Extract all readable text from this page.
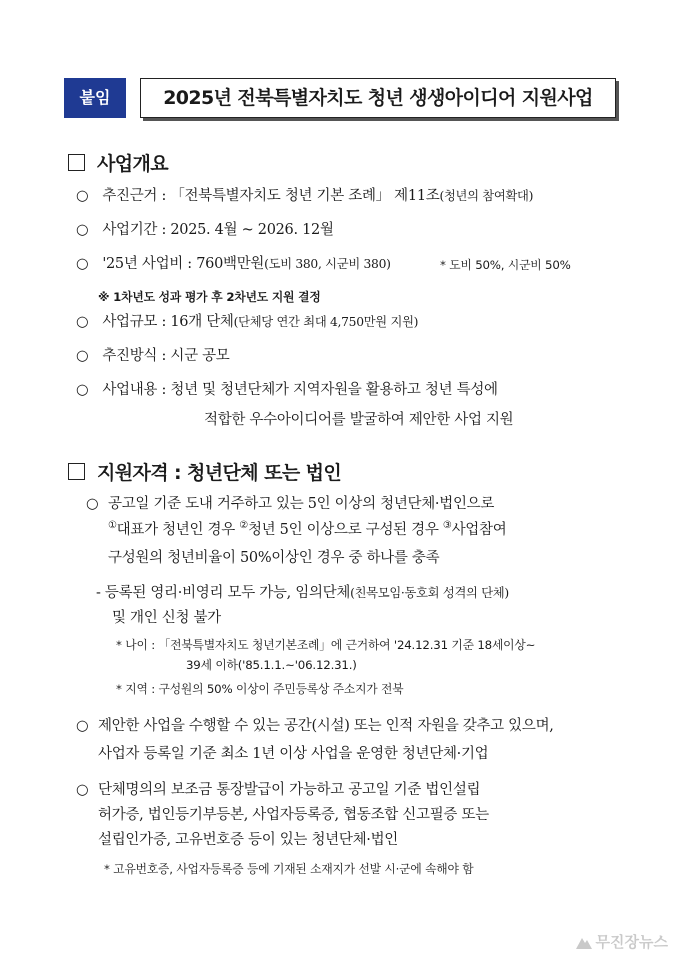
붙임	2025년 전북특별자치도 청년 생생아이디어 지원사업
사업개요
○ 추진근거 : 「전북특별자치도 청년 기본 조례」 제11조(청년의 참여확대)
○ 사업기간 : 2025. 4월 ~ 2026. 12월
○ '25년 사업비 : 760백만원(도비 380, 시군비 380)	* 도비 50%, 시군비 50%
※ 1차년도 성과 평가 후 2차년도 지원 결정
○ 사업규모 : 16개 단체(단체당 연간 최대 4,750만원 지원)
○ 추진방식 : 시군 공모
○ 사업내용 : 청년 및 청년단체가 지역자원을 활용하고 청년 특성에
적합한 우수아이디어를 발굴하여 제안한 사업 지원
지원자격 : 청년단체 또는 법인
○ 공고일 기준 도내 거주하고 있는 5인 이상의 청년단체·법인으로
①대표가 청년인 경우 ②청년 5인 이상으로 구성된 경우 ③사업참여
구성원의 청년비율이 50%이상인 경우 중 하나를 충족
- 등록된 영리·비영리 모두 가능, 임의단체(친목모임·동호회 성격의 단체)
및 개인 신청 불가
* 나이 : 「전북특별자치도 청년기본조례」에 근거하여 '24.12.31 기준 18세이상~
39세 이하('85.1.1.~'06.12.31.)
* 지역 : 구성원의 50% 이상이 주민등록상 주소지가 전북
○ 제안한 사업을 수행할 수 있는 공간(시설) 또는 인적 자원을 갖추고 있으며,
사업자 등록일 기준 최소 1년 이상 사업을 운영한 청년단체·기업
○ 단체명의의 보조금 통장발급이 가능하고 공고일 기준 법인설립
허가증, 법인등기부등본, 사업자등록증, 협동조합 신고필증 또는
설립인가증, 고유번호증 등이 있는 청년단체·법인
* 고유번호증, 사업자등록증 등에 기재된 소재지가 선발 시·군에 속해야 함
무진장뉴스
